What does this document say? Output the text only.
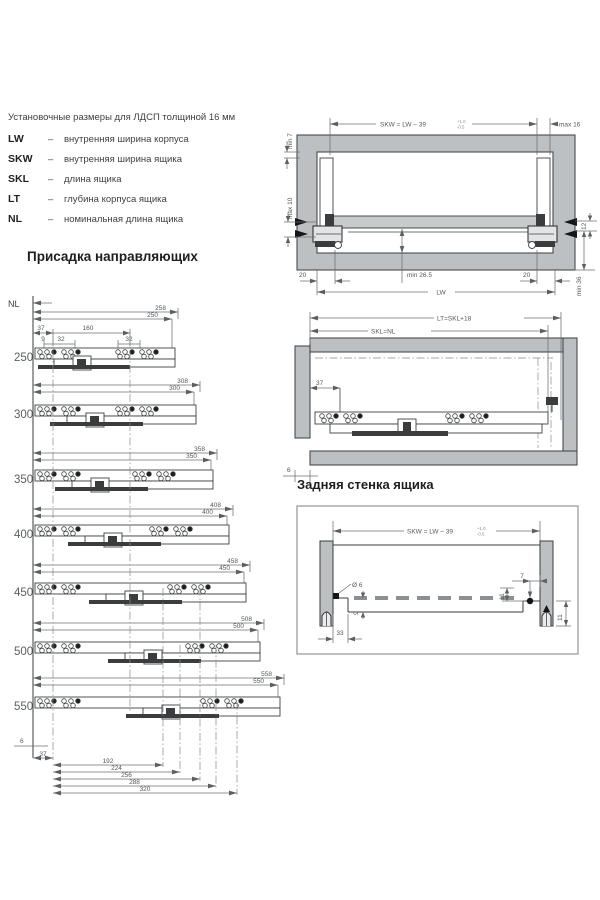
Установочные размеры для ЛДСП толщиной 16 мм
LW	–	внутренняя ширина корпуса
SKW	–	внутренняя ширина ящика
SKL	–	длина ящика
LT	–	глубина корпуса ящика
NL	–	номинальная длина ящика
Присадка направляющих
Задняя стенка ящика
SKW = LW – 39	+1.0
-0.5	max 16
min 7
max 10
12
min 36
20	min 26.5	20
LW
LT=SKL+18
SKL=NL
37
6
SKW = LW – 39	+1.0
-0.5
Ø 6
33
9
7
11
11
NL
37	160
9 32	32
6
258
250
250
308
300
300
358
350
350
408
400
400
458
450
450
508
500
500
558
550
550
37
192
224
256
288
320
